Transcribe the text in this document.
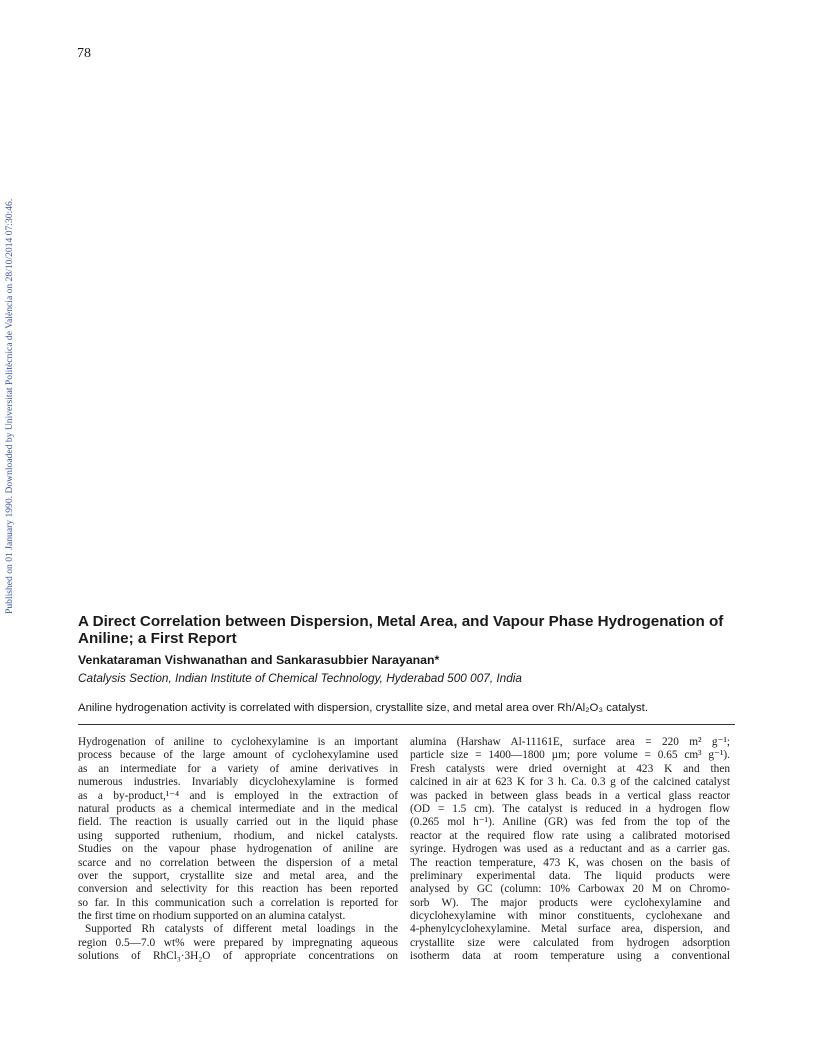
78
Published on 01 January 1990. Downloaded by Universitat Politècnica de València on 28/10/2014 07:30:46.
A Direct Correlation between Dispersion, Metal Area, and Vapour Phase Hydrogenation of Aniline; a First Report

Venkataraman Vishwanathan and Sankarasubbier Narayanan*

Catalysis Section, Indian Institute of Chemical Technology, Hyderabad 500 007, India

Aniline hydrogenation activity is correlated with dispersion, crystallite size, and metal area over Rh/Al₂O₃ catalyst.

Hydrogenation of aniline to cyclohexylamine is an important
process because of the large amount of cyclohexylamine used
as an intermediate for a variety of amine derivatives in
numerous industries. Invariably dicyclohexylamine is formed
as a by-product,¹⁻⁴ and is employed in the extraction of
natural products as a chemical intermediate and in the medical
field. The reaction is usually carried out in the liquid phase
using supported ruthenium, rhodium, and nickel catalysts.
Studies on the vapour phase hydrogenation of aniline are
scarce and no correlation between the dispersion of a metal
over the support, crystallite size and metal area, and the
conversion and selectivity for this reaction has been reported
so far. In this communication such a correlation is reported for
the first time on rhodium supported on an alumina catalyst.
Supported Rh catalysts of different metal loadings in the
region 0.5—7.0 wt% were prepared by impregnating aqueous
solutions of RhCl₃·3H₂O of appropriate concentrations on
alumina (Harshaw Al-11161E, surface area = 220 m² g⁻¹;
particle size = 1400—1800 µm; pore volume = 0.65 cm³ g⁻¹).
Fresh catalysts were dried overnight at 423 K and then
calcined in air at 623 K for 3 h. Ca. 0.3 g of the calcined catalyst
was packed in between glass beads in a vertical glass reactor
(OD = 1.5 cm). The catalyst is reduced in a hydrogen flow
(0.265 mol h⁻¹). Aniline (GR) was fed from the top of the
reactor at the required flow rate using a calibrated motorised
syringe. Hydrogen was used as a reductant and as a carrier gas.
The reaction temperature, 473 K, was chosen on the basis of
preliminary experimental data. The liquid products were
analysed by GC (column: 10% Carbowax 20 M on Chromo-
sorb W). The major products were cyclohexylamine and
dicyclohexylamine with minor constituents, cyclohexane and
4-phenylcyclohexylamine. Metal surface area, dispersion, and
crystallite size were calculated from hydrogen adsorption
isotherm data at room temperature using a conventional
